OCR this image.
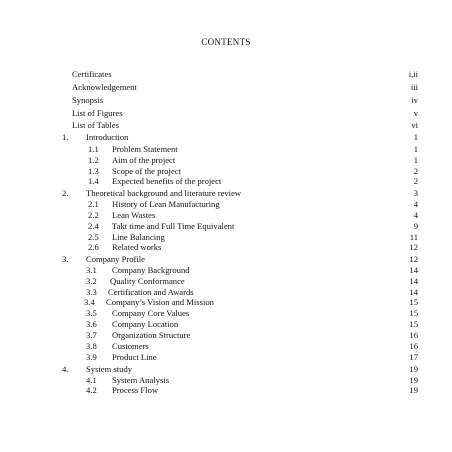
CONTENTS
Certificates	i,ii
Acknowledgement	iii
Synopsis	iv
List of Figures	v
List of Tables	vi
1. Introduction	1
1.1 Problem Statement	1
1.2 Aim of the project	1
1.3 Scope of the project	2
1.4 Expected benefits of the project	2
2. Theoretical background and literature review	3
2.1 History of Lean Manufacturing	4
2.2 Lean Wastes	4
2.4 Takt time and Full Time Equivalent	9
2.5 Line Balancing	11
2.6 Related works	12
3. Company Profile	12
3.1 Company Background	14
3.2 Quality Conformance	14
3.3 Certification and Awards	14
3.4 Company’s Vision and Mission	15
3.5 Company Core Values	15
3.6 Company Location	15
3.7 Organization Structure	16
3.8 Customers	16
3.9 Product Line	17
4. System study	19
4.1 System Analysis	19
4.2 Process Flow	19
